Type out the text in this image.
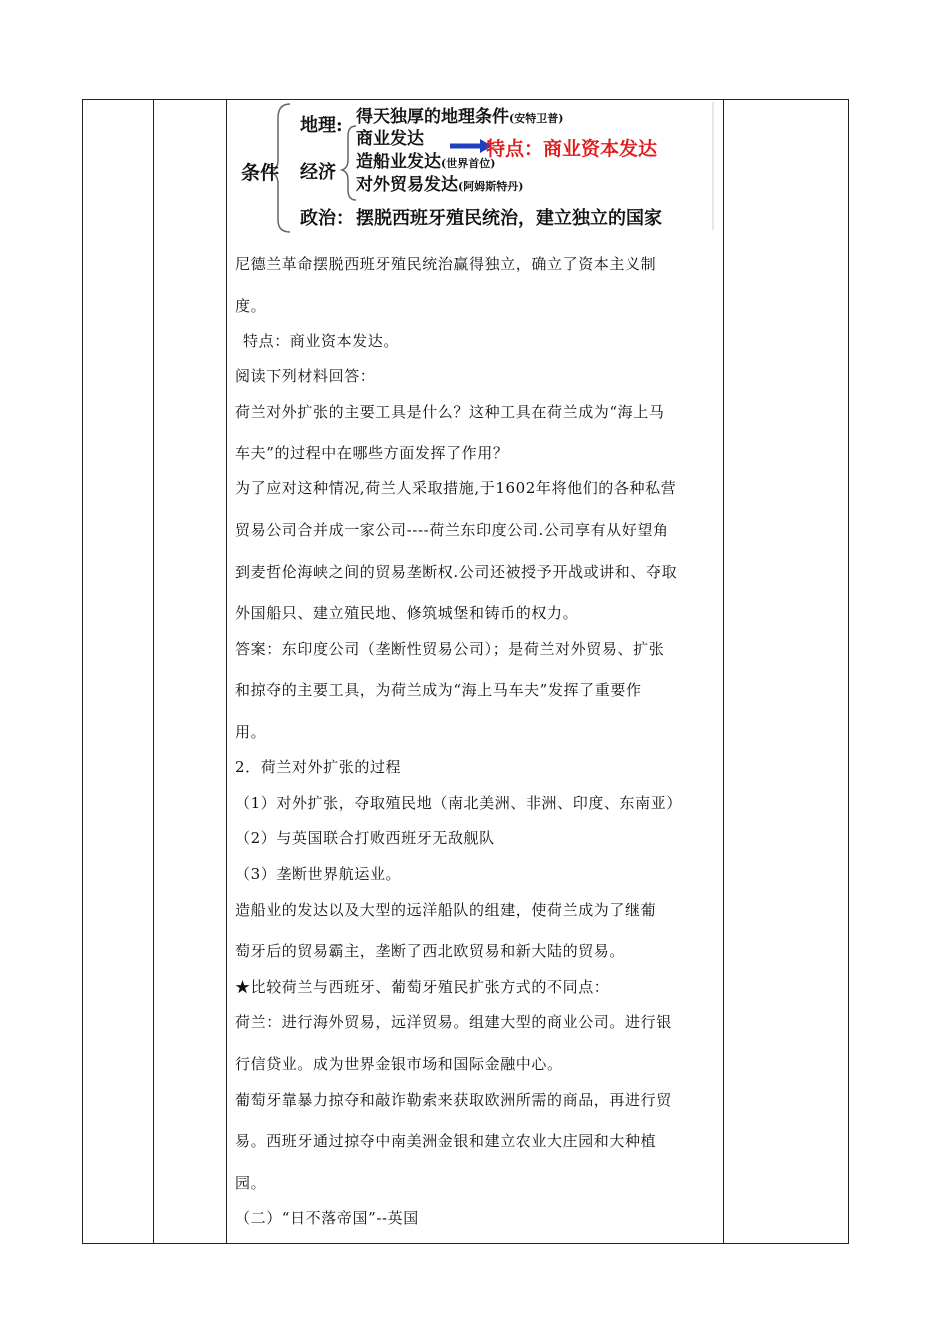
条件
地理: 得天独厚的地理条件(安特卫普)
经济
商业发达
造船业发达(世界首位)
对外贸易发达(阿姆斯特丹)
特点：商业资本发达
政治： 摆脱西班牙殖民统治，建立独立的国家
尼德兰革命摆脱西班牙殖民统治赢得独立，确立了资本主义制
度。
特点：商业资本发达。
阅读下列材料回答：
荷兰对外扩张的主要工具是什么？这种工具在荷兰成为“海上马
车夫”的过程中在哪些方面发挥了作用？
为了应对这种情况,荷兰人采取措施,于1602年将他们的各种私营
贸易公司合并成一家公司----荷兰东印度公司.公司享有从好望角
到麦哲伦海峡之间的贸易垄断权.公司还被授予开战或讲和、夺取
外国船只、建立殖民地、修筑城堡和铸币的权力。
答案：东印度公司（垄断性贸易公司）；是荷兰对外贸易、扩张
和掠夺的主要工具，为荷兰成为“海上马车夫”发挥了重要作
用。
2．荷兰对外扩张的过程
（1）对外扩张，夺取殖民地（南北美洲、非洲、印度、东南亚）
（2）与英国联合打败西班牙无敌舰队
（3）垄断世界航运业。
造船业的发达以及大型的远洋船队的组建，使荷兰成为了继葡
萄牙后的贸易霸主，垄断了西北欧贸易和新大陆的贸易。
★比较荷兰与西班牙、葡萄牙殖民扩张方式的不同点：
荷兰：进行海外贸易，远洋贸易。组建大型的商业公司。进行银
行信贷业。成为世界金银市场和国际金融中心。
葡萄牙靠暴力掠夺和敲诈勒索来获取欧洲所需的商品，再进行贸
易。西班牙通过掠夺中南美洲金银和建立农业大庄园和大种植
园。
（二）“日不落帝国”--英国
